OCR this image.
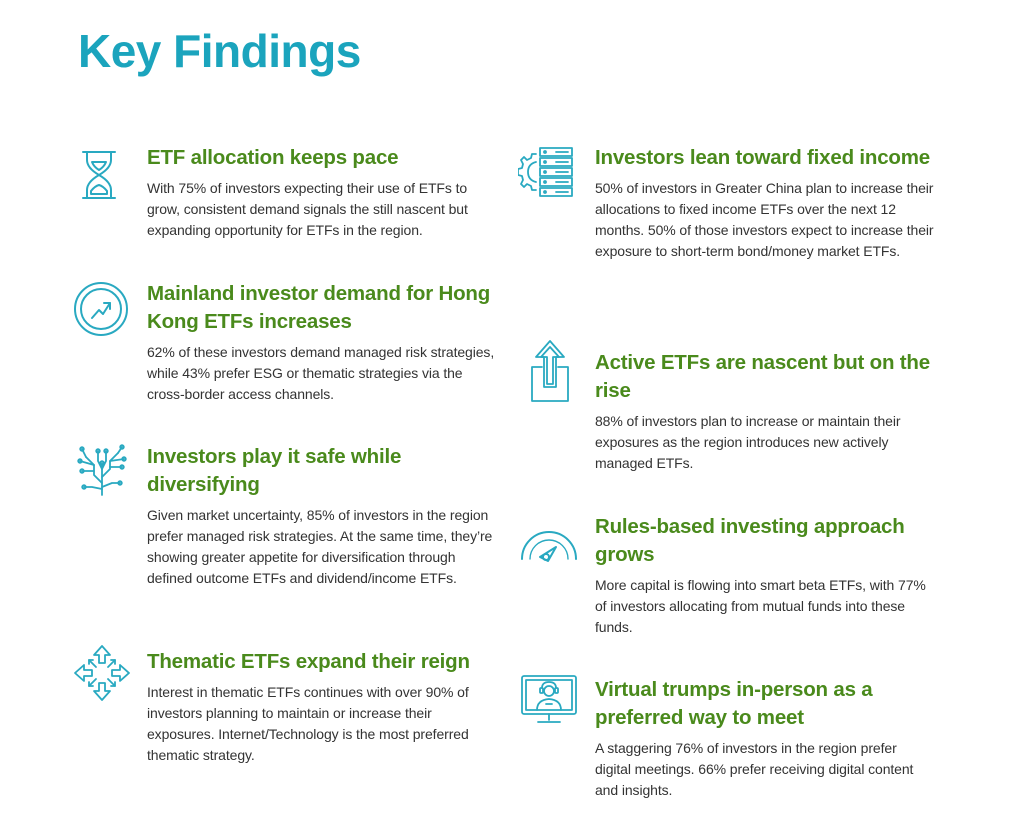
Key Findings
ETF allocation keeps pace

With 75% of investors expecting their use of ETFs to grow, consistent demand signals the still nascent but expanding opportunity for ETFs in the region.

Mainland investor demand for Hong Kong ETFs increases

62% of these investors demand managed risk strategies, while 43% prefer ESG or thematic strategies via the cross-border access channels.

Investors play it safe while diversifying

Given market uncertainty, 85% of investors in the region prefer managed risk strategies. At the same time, they’re showing greater appetite for diversification through defined outcome ETFs and dividend/income ETFs.

Thematic ETFs expand their reign

Interest in thematic ETFs continues with over 90% of investors planning to maintain or increase their exposures. Internet/Technology is the most preferred thematic strategy.

Investors lean toward fixed income

50% of investors in Greater China plan to increase their allocations to fixed income ETFs over the next 12 months. 50% of those investors expect to increase their exposure to short-term bond/money market ETFs.

Active ETFs are nascent but on the rise

88% of investors plan to increase or maintain their exposures as the region introduces new actively managed ETFs.

Rules-based investing approach grows

More capital is flowing into smart beta ETFs, with 77% of investors allocating from mutual funds into these funds.

Virtual trumps in-person as a preferred way to meet

A staggering 76% of investors in the region prefer digital meetings. 66% prefer receiving digital content and insights.
